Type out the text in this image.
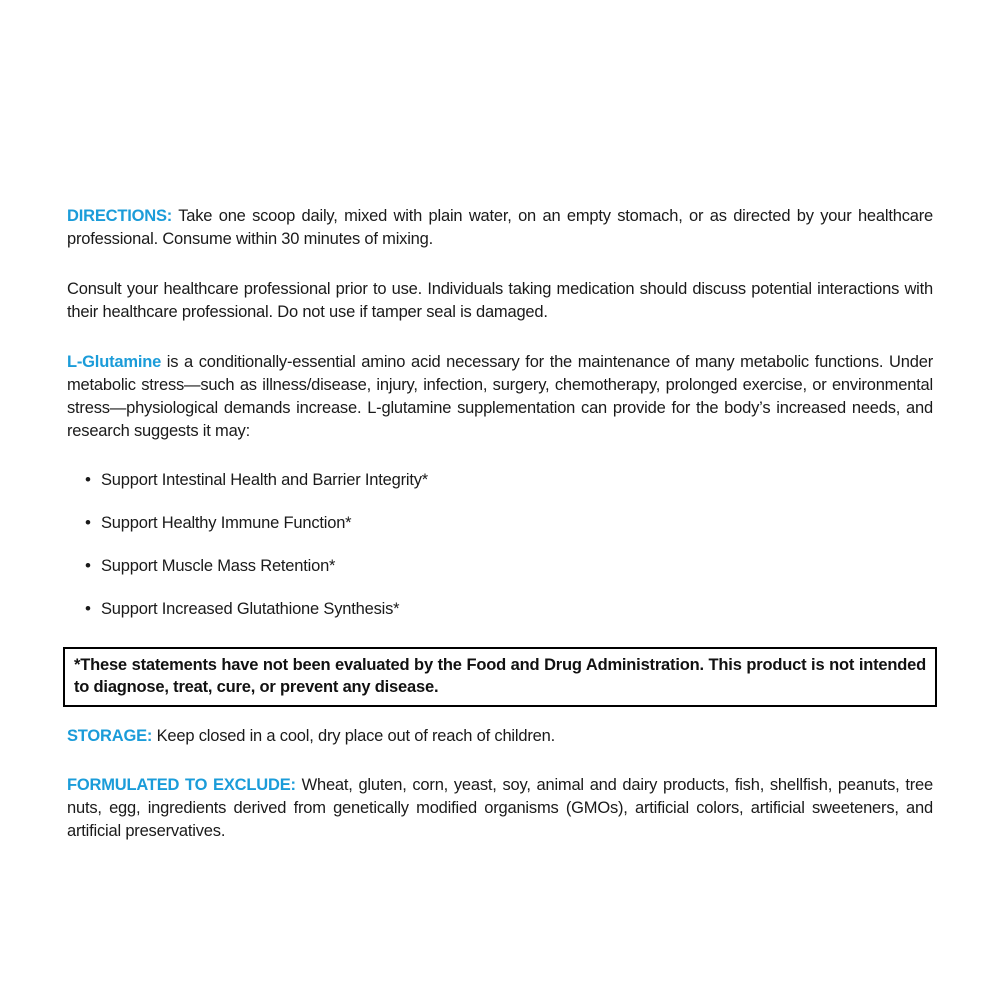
DIRECTIONS: Take one scoop daily, mixed with plain water, on an empty stomach, or as directed by your healthcare professional. Consume within 30 minutes of mixing.

Consult your healthcare professional prior to use. Individuals taking medication should discuss potential interactions with their healthcare professional. Do not use if tamper seal is damaged.

L-Glutamine is a conditionally-essential amino acid necessary for the maintenance of many metabolic functions. Under metabolic stress—such as illness/disease, injury, infection, surgery, chemotherapy, prolonged exercise, or environmental stress—physiological demands increase. L-glutamine supplementation can provide for the body’s increased needs, and research suggests it may:

• Support Intestinal Health and Barrier Integrity*
• Support Healthy Immune Function*
• Support Muscle Mass Retention*
• Support Increased Glutathione Synthesis*
*These statements have not been evaluated by the Food and Drug Administration. This product is not intended to diagnose, treat, cure, or prevent any disease.

STORAGE: Keep closed in a cool, dry place out of reach of children.

FORMULATED TO EXCLUDE: Wheat, gluten, corn, yeast, soy, animal and dairy products, fish, shellfish, peanuts, tree nuts, egg, ingredients derived from genetically modified organisms (GMOs), artificial colors, artificial sweeteners, and artificial preservatives.
